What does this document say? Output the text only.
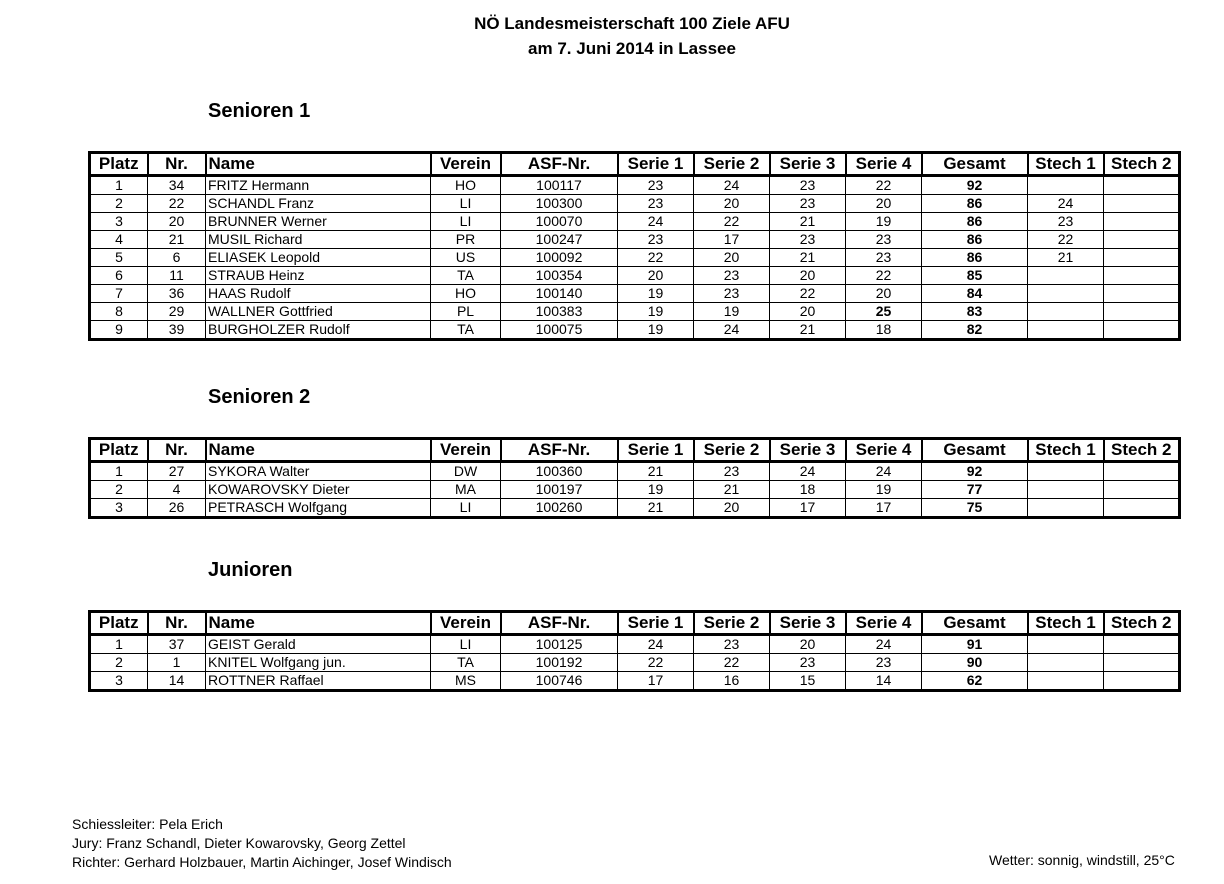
NÖ Landesmeisterschaft 100 Ziele AFU
am 7. Juni 2014 in Lassee
Senioren 1
Platz	Nr.	Name	Verein	ASF-Nr.	Serie 1	Serie 2	Serie 3	Serie 4	Gesamt	Stech 1	Stech 2
1	34	FRITZ Hermann	HO	100117	23	24	23	22	92		
2	22	SCHANDL Franz	LI	100300	23	20	23	20	86	24	
3	20	BRUNNER Werner	LI	100070	24	22	21	19	86	23	
4	21	MUSIL Richard	PR	100247	23	17	23	23	86	22	
5	6	ELIASEK Leopold	US	100092	22	20	21	23	86	21	
6	11	STRAUB Heinz	TA	100354	20	23	20	22	85		
7	36	HAAS Rudolf	HO	100140	19	23	22	20	84		
8	29	WALLNER Gottfried	PL	100383	19	19	20	25	83		
9	39	BURGHOLZER Rudolf	TA	100075	19	24	21	18	82		
Senioren 2
Platz	Nr.	Name	Verein	ASF-Nr.	Serie 1	Serie 2	Serie 3	Serie 4	Gesamt	Stech 1	Stech 2
1	27	SYKORA Walter	DW	100360	21	23	24	24	92		
2	4	KOWAROVSKY Dieter	MA	100197	19	21	18	19	77		
3	26	PETRASCH Wolfgang	LI	100260	21	20	17	17	75		
Junioren
Platz	Nr.	Name	Verein	ASF-Nr.	Serie 1	Serie 2	Serie 3	Serie 4	Gesamt	Stech 1	Stech 2
1	37	GEIST Gerald	LI	100125	24	23	20	24	91		
2	1	KNITEL Wolfgang jun.	TA	100192	22	22	23	23	90		
3	14	ROTTNER Raffael	MS	100746	17	16	15	14	62		
Schiessleiter: Pela Erich
Jury: Franz Schandl, Dieter Kowarovsky, Georg Zettel
Richter: Gerhard Holzbauer, Martin Aichinger, Josef Windisch	Wetter: sonnig, windstill, 25°C
